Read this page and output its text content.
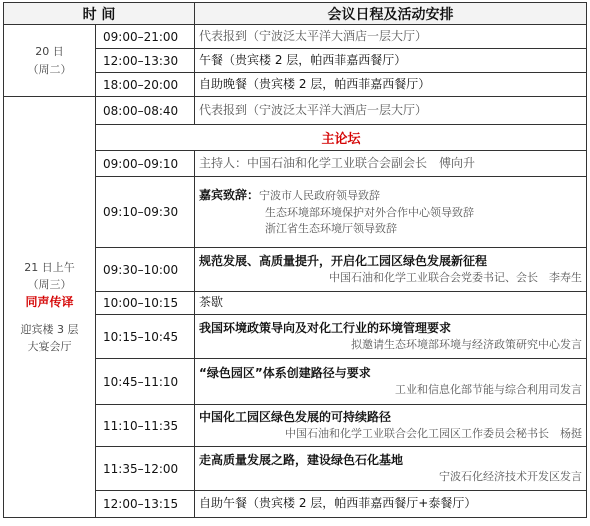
时 间		会议日程及活动安排

20 日
（周二）	09:00–21:00	代表报到（宁波泛太平洋大酒店一层大厅）
	12:00–13:30	午餐（贵宾楼 2 层，帕西菲嘉西餐厅）
	18:00–20:00	自助晚餐（贵宾楼 2 层，帕西菲嘉西餐厅）

21 日上午
（周三）
同声传译
迎宾楼 3 层
大宴会厅	08:00–08:40	代表报到（宁波泛太平洋大酒店一层大厅）
	主论坛	
	09:00–09:10	主持人：中国石油和化学工业联合会副会长　傅向升
	09:10–09:30	嘉宾致辞：宁波市人民政府领导致辞
生态环境部环境保护对外合作中心领导致辞
浙江省生态环境厅领导致辞

	09:30–10:00	规范发展、高质量提升，开启化工园区绿色发展新征程
中国石油和化学工业联合会党委书记、会长　李寿生

	10:00–10:15	茶歇
	10:15–10:45	我国环境政策导向及对化工行业的环境管理要求
拟邀请生态环境部环境与经济政策研究中心发言

	10:45–11:10	“绿色园区”体系创建路径与要求
工业和信息化部节能与综合利用司发言

	11:10–11:35	中国化工园区绿色发展的可持续路径
中国石油和化学工业联合会化工园区工作委员会秘书长　杨挺

	11:35–12:00	走高质量发展之路，建设绿色石化基地
宁波石化经济技术开发区发言

	12:00–13:15	自助午餐（贵宾楼 2 层，帕西菲嘉西餐厅+泰餐厅）
